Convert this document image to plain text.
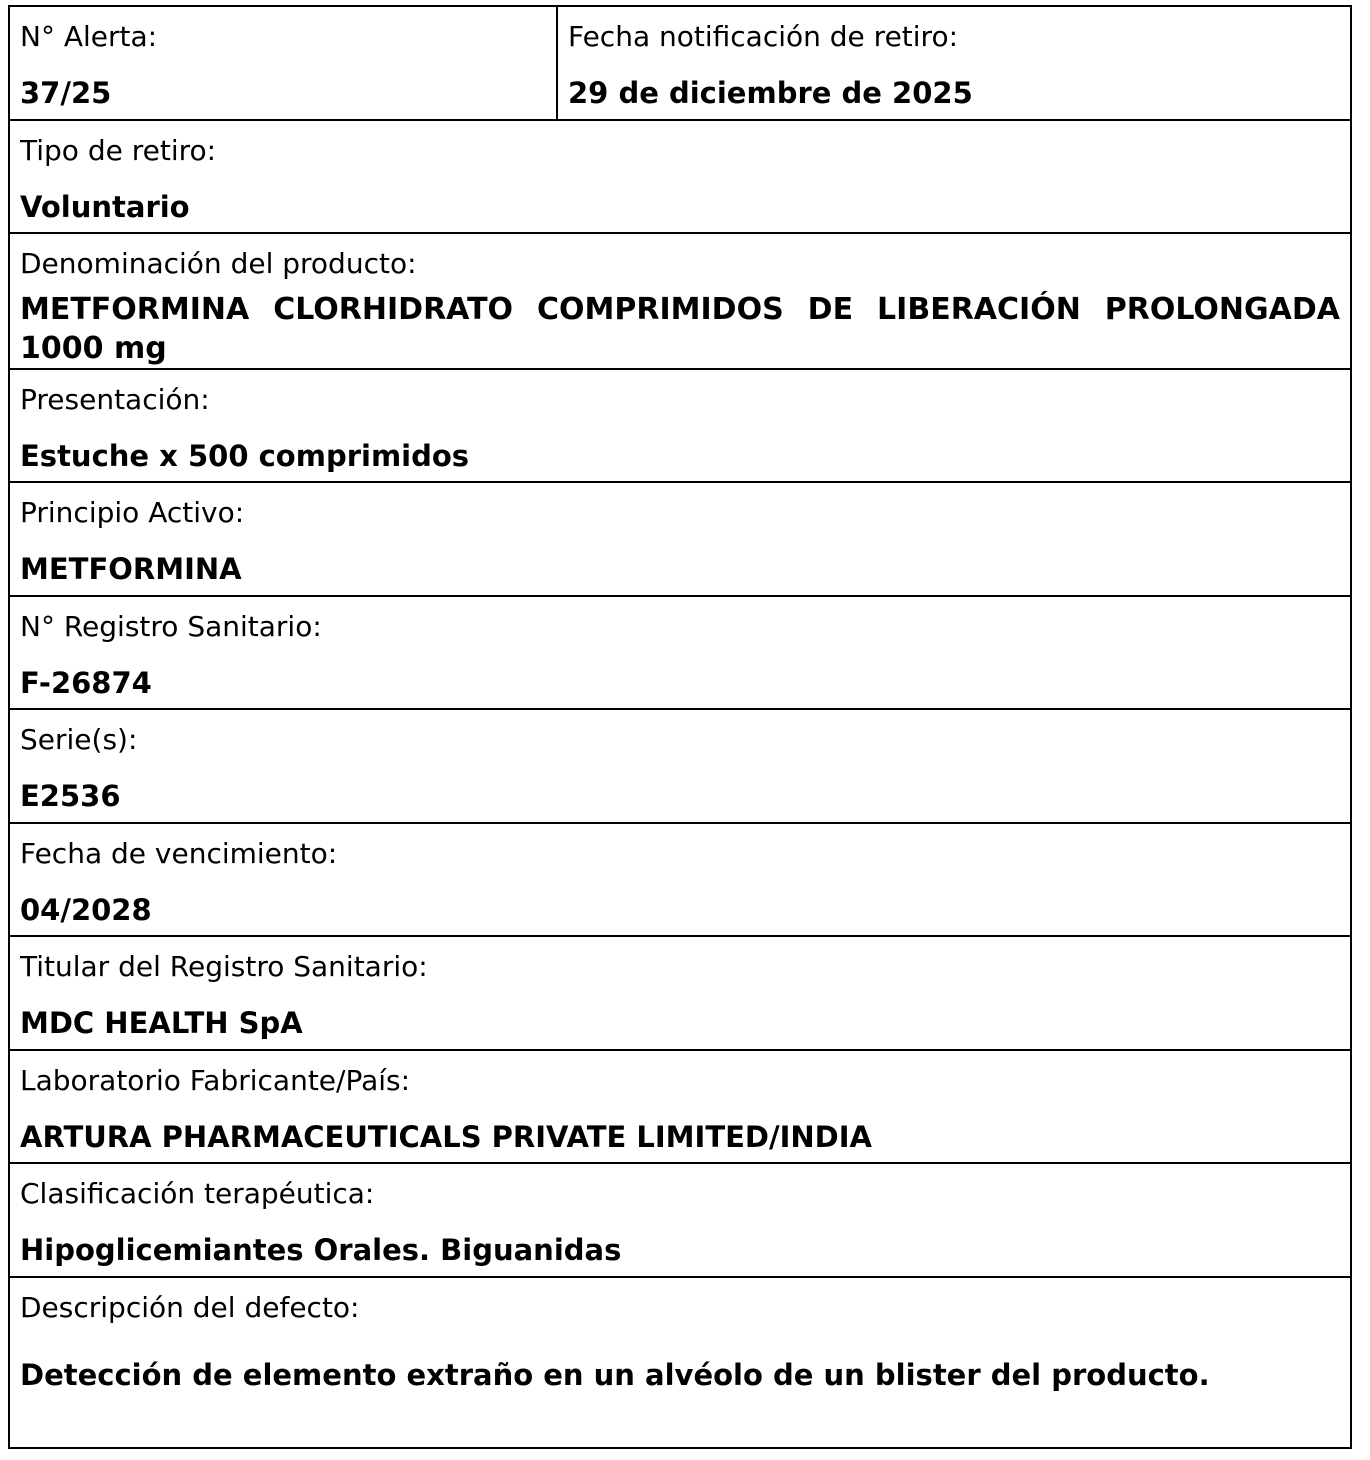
N° Alerta:
37/25
Fecha notificación de retiro:
29 de diciembre de 2025
Tipo de retiro:
Voluntario
Denominación del producto:
METFORMINA CLORHIDRATO COMPRIMIDOS DE LIBERACIÓN PROLONGADA 1000 mg
Presentación:
Estuche x 500 comprimidos
Principio Activo:
METFORMINA
N° Registro Sanitario:
F-26874
Serie(s):
E2536
Fecha de vencimiento:
04/2028
Titular del Registro Sanitario:
MDC HEALTH SpA
Laboratorio Fabricante/País:
ARTURA PHARMACEUTICALS PRIVATE LIMITED/INDIA
Clasificación terapéutica:
Hipoglicemiantes Orales. Biguanidas
Descripción del defecto:
Detección de elemento extraño en un alvéolo de un blister del producto.
